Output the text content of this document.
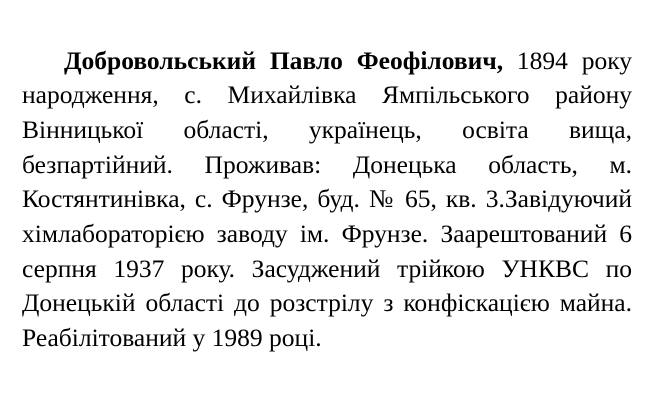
Добровольський Павло Феофілович, 1894 року народження, с. Михайлівка Ямпільського району Вінницької області, українець, освіта вища, безпартійний. Проживав: Донецька область, м. Костянтинівка, с. Фрунзе, буд. № 65, кв. 3.Завідуючий хімлабораторією заводу ім. Фрунзе. Заарештований 6 серпня 1937 року. Засуджений трійкою УНКВС по Донецькій області до розстрілу з конфіскацією майна. Реабілітований у 1989 році.
